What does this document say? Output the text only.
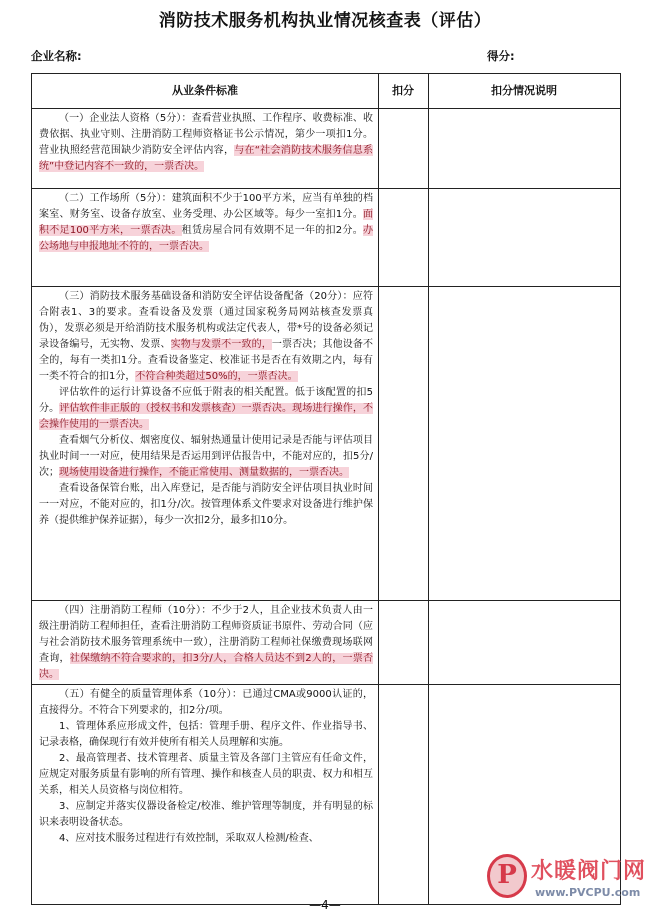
消防技术服务机构执业情况核查表（评估）
企业名称:	得分:
从业条件标准	扣分	扣分情况说明

（一）企业法人资格（5分）：查看营业执照、工作程序、收费标准、收费依据、执业守则、注册消防工程师资格证书公示情况，第少一项扣1分。营业执照经营范围缺少消防安全评估内容，与在“社会消防技术服务信息系统”中登记内容不一致的，一票否决。

（二）工作场所（5分）：建筑面积不少于100平方米，应当有单独的档案室、财务室、设备存放室、业务受理、办公区域等。每少一室扣1分。面积不足100平方米，一票否决。租赁房屋合同有效期不足一年的扣2分。办公场地与申报地址不符的，一票否决。

（三）消防技术服务基础设备和消防安全评估设备配备（20分）：应符合附表1、3的要求。查看设备及发票（通过国家税务局网站核查发票真伪），发票必须是开给消防技术服务机构或法定代表人，带*号的设备必须记录设备编号，无实物、发票、实物与发票不一致的，一票否决；其他设备不全的，每有一类扣1分。查看设备鉴定、校准证书是否在有效期之内，每有一类不符合的扣1分，不符合种类超过50%的，一票否决。

评估软件的运行计算设备不应低于附表的相关配置。低于该配置的扣5分。评估软件非正版的（授权书和发票核查）一票否决。现场进行操作，不会操作使用的一票否决。

查看烟气分析仪、烟密度仪、辐射热通量计使用记录是否能与评估项目执业时间一一对应，使用结果是否运用到评估报告中，不能对应的，扣5分/次；现场使用设备进行操作，不能正常使用、测量数据的，一票否决。

查看设备保管台账，出入库登记，是否能与消防安全评估项目执业时间一一对应，不能对应的，扣1分/次。按管理体系文件要求对设备进行维护保养（提供维护保养证据），每少一次扣2分，最多扣10分。

（四）注册消防工程师（10分）：不少于2人，且企业技术负责人由一级注册消防工程师担任，查看注册消防工程师资质证书原件、劳动合同（应与社会消防技术服务管理系统中一致），注册消防工程师社保缴费现场联网查询，社保缴纳不符合要求的，扣3分/人，合格人员达不到2人的，一票否决。

（五）有健全的质量管理体系（10分）：已通过CMA或9000认证的，直接得分。不符合下列要求的，扣2分/项。

1、管理体系应形成文件，包括：管理手册、程序文件、作业指导书、记录表格，确保现行有效并使所有相关人员理解和实施。

2、最高管理者、技术管理者、质量主管及各部门主管应有任命文件，应规定对服务质量有影响的所有管理、操作和核查人员的职责、权力和相互关系，相关人员资格与岗位相符。

3、应制定并落实仪器设备检定/校准、维护管理等制度，并有明显的标识来表明设备状态。

4、应对技术服务过程进行有效控制，采取双人检测/检查、

P 水暖阀门网
www.PVCPU.com
—4—
